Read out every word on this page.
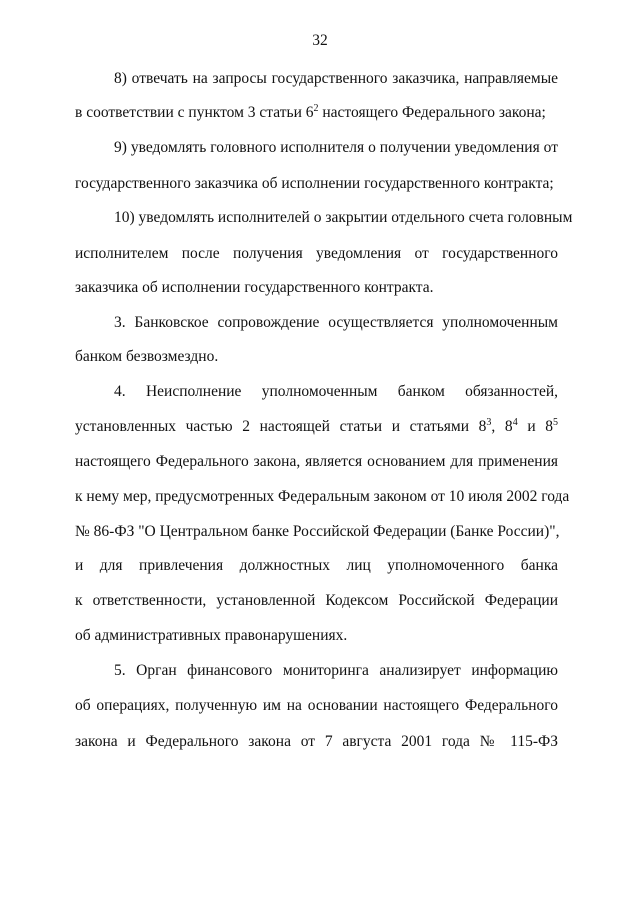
32
8) отвечать на запросы государственного заказчика, направляемые
в соответствии с пунктом 3 статьи $6^2$ настоящего Федерального закона;
9) уведомлять головного исполнителя о получении уведомления от
государственного заказчика об исполнении государственного контракта;
10) уведомлять исполнителей о закрытии отдельного счета головным
исполнителем после получения уведомления от государственного
заказчика об исполнении государственного контракта.
3. Банковское сопровождение осуществляется уполномоченным
банком безвозмездно.
4. Неисполнение уполномоченным банком обязанностей,
установленных частью 2 настоящей статьи и статьями $8^3$, $8^4$ и $8^5$
настоящего Федерального закона, является основанием для применения
к нему мер, предусмотренных Федеральным законом от 10 июля 2002 года
№ 86-ФЗ "О Центральном банке Российской Федерации (Банке России)",
и для привлечения должностных лиц уполномоченного банка
к ответственности, установленной Кодексом Российской Федерации
об административных правонарушениях.
5. Орган финансового мониторинга анализирует информацию
об операциях, полученную им на основании настоящего Федерального
закона и Федерального закона от 7 августа 2001 года № 115-ФЗ
